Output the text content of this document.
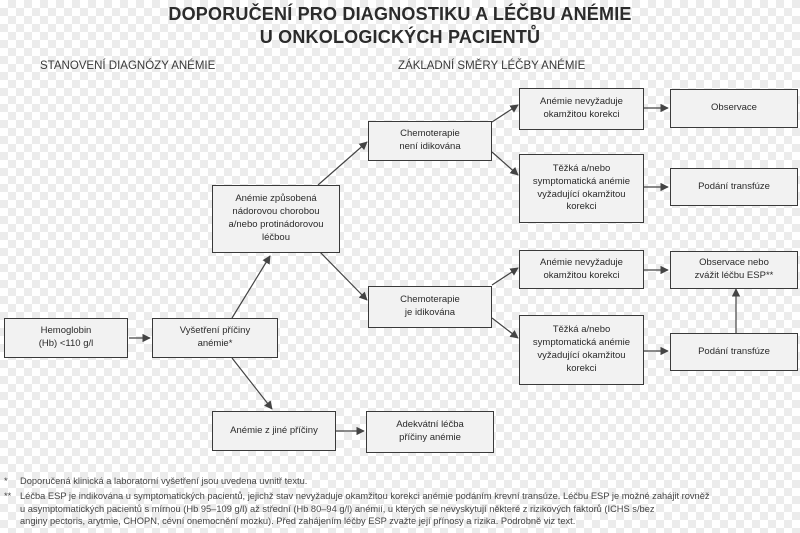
DOPORUČENÍ PRO DIAGNOSTIKU A LÉČBU ANÉMIE
U ONKOLOGICKÝCH PACIENTŮ
STANOVENÍ DIAGNÓZY ANÉMIE	ZÁKLADNÍ SMĚRY LÉČBY ANÉMIE
Hemoglobin
(Hb) <110 g/l
Vyšetření příčiny
anémie*
Anémie způsobená
nádorovou chorobou
a/nebo protinádorovou
léčbou
Anémie z jiné příčiny	Adekvátní léčba
příčiny anémie
Chemoterapie
není idikována
Chemoterapie
je idikována
Anémie nevyžaduje
okamžitou korekci
Těžká a/nebo
symptomatická anémie
vyžadující okamžitou
korekci
Anémie nevyžaduje
okamžitou korekci
Těžká a/nebo
symptomatická anémie
vyžadující okamžitou
korekci
Observace
Podání transfúze
Observace nebo
zvážit léčbu ESP**
Podání transfúze
* Doporučená klinická a laboratorní vyšetření jsou uvedena uvnitř textu.
** Léčba ESP je indikována u symptomatických pacientů, jejichž stav nevyžaduje okamžitou korekci anémie podáním krevní transúze. Léčbu ESP je možné zahájit rovněž
u asymptomatických pacientů s mírnou (Hb 95–109 g/l) až střední (Hb 80–94 g/l) anémií, u kterých se nevyskytují některé z rizikových faktorů (ICHS s/bez
anginy pectoris, arytmie, CHOPN, cévní onemocnění mozku). Před zahájením léčby ESP zvažte její přínosy a rizika. Podrobně viz text.
